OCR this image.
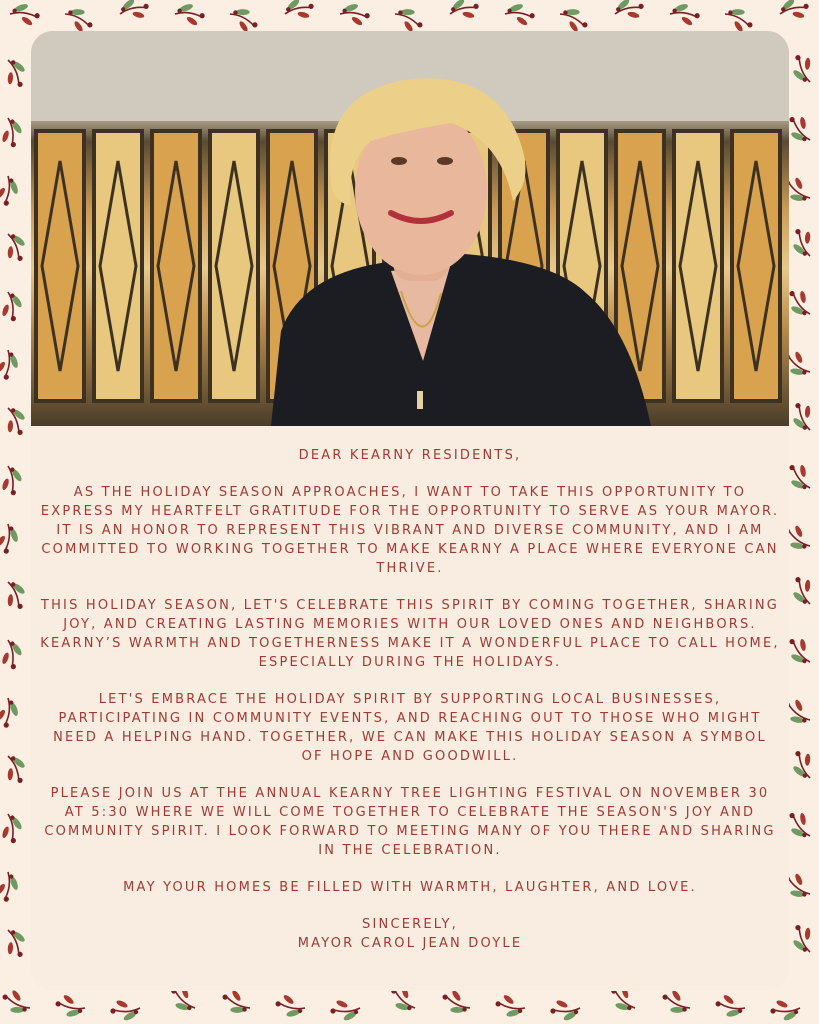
DEAR KEARNY RESIDENTS,

AS THE HOLIDAY SEASON APPROACHES, I WANT TO TAKE THIS OPPORTUNITY TO EXPRESS MY HEARTFELT GRATITUDE FOR THE OPPORTUNITY TO SERVE AS YOUR MAYOR. IT IS AN HONOR TO REPRESENT THIS VIBRANT AND DIVERSE COMMUNITY, AND I AM COMMITTED TO WORKING TOGETHER TO MAKE KEARNY A PLACE WHERE EVERYONE CAN THRIVE.

THIS HOLIDAY SEASON, LET'S CELEBRATE THIS SPIRIT BY COMING TOGETHER, SHARING JOY, AND CREATING LASTING MEMORIES WITH OUR LOVED ONES AND NEIGHBORS. KEARNY’S WARMTH AND TOGETHERNESS MAKE IT A WONDERFUL PLACE TO CALL HOME, ESPECIALLY DURING THE HOLIDAYS.

LET'S EMBRACE THE HOLIDAY SPIRIT BY SUPPORTING LOCAL BUSINESSES, PARTICIPATING IN COMMUNITY EVENTS, AND REACHING OUT TO THOSE WHO MIGHT NEED A HELPING HAND. TOGETHER, WE CAN MAKE THIS HOLIDAY SEASON A SYMBOL OF HOPE AND GOODWILL.

PLEASE JOIN US AT THE ANNUAL KEARNY TREE LIGHTING FESTIVAL ON NOVEMBER 30 AT 5:30 WHERE WE WILL COME TOGETHER TO CELEBRATE THE SEASON'S JOY AND COMMUNITY SPIRIT. I LOOK FORWARD TO MEETING MANY OF YOU THERE AND SHARING IN THE CELEBRATION.

MAY YOUR HOMES BE FILLED WITH WARMTH, LAUGHTER, AND LOVE.

SINCERELY,
MAYOR CAROL JEAN DOYLE
